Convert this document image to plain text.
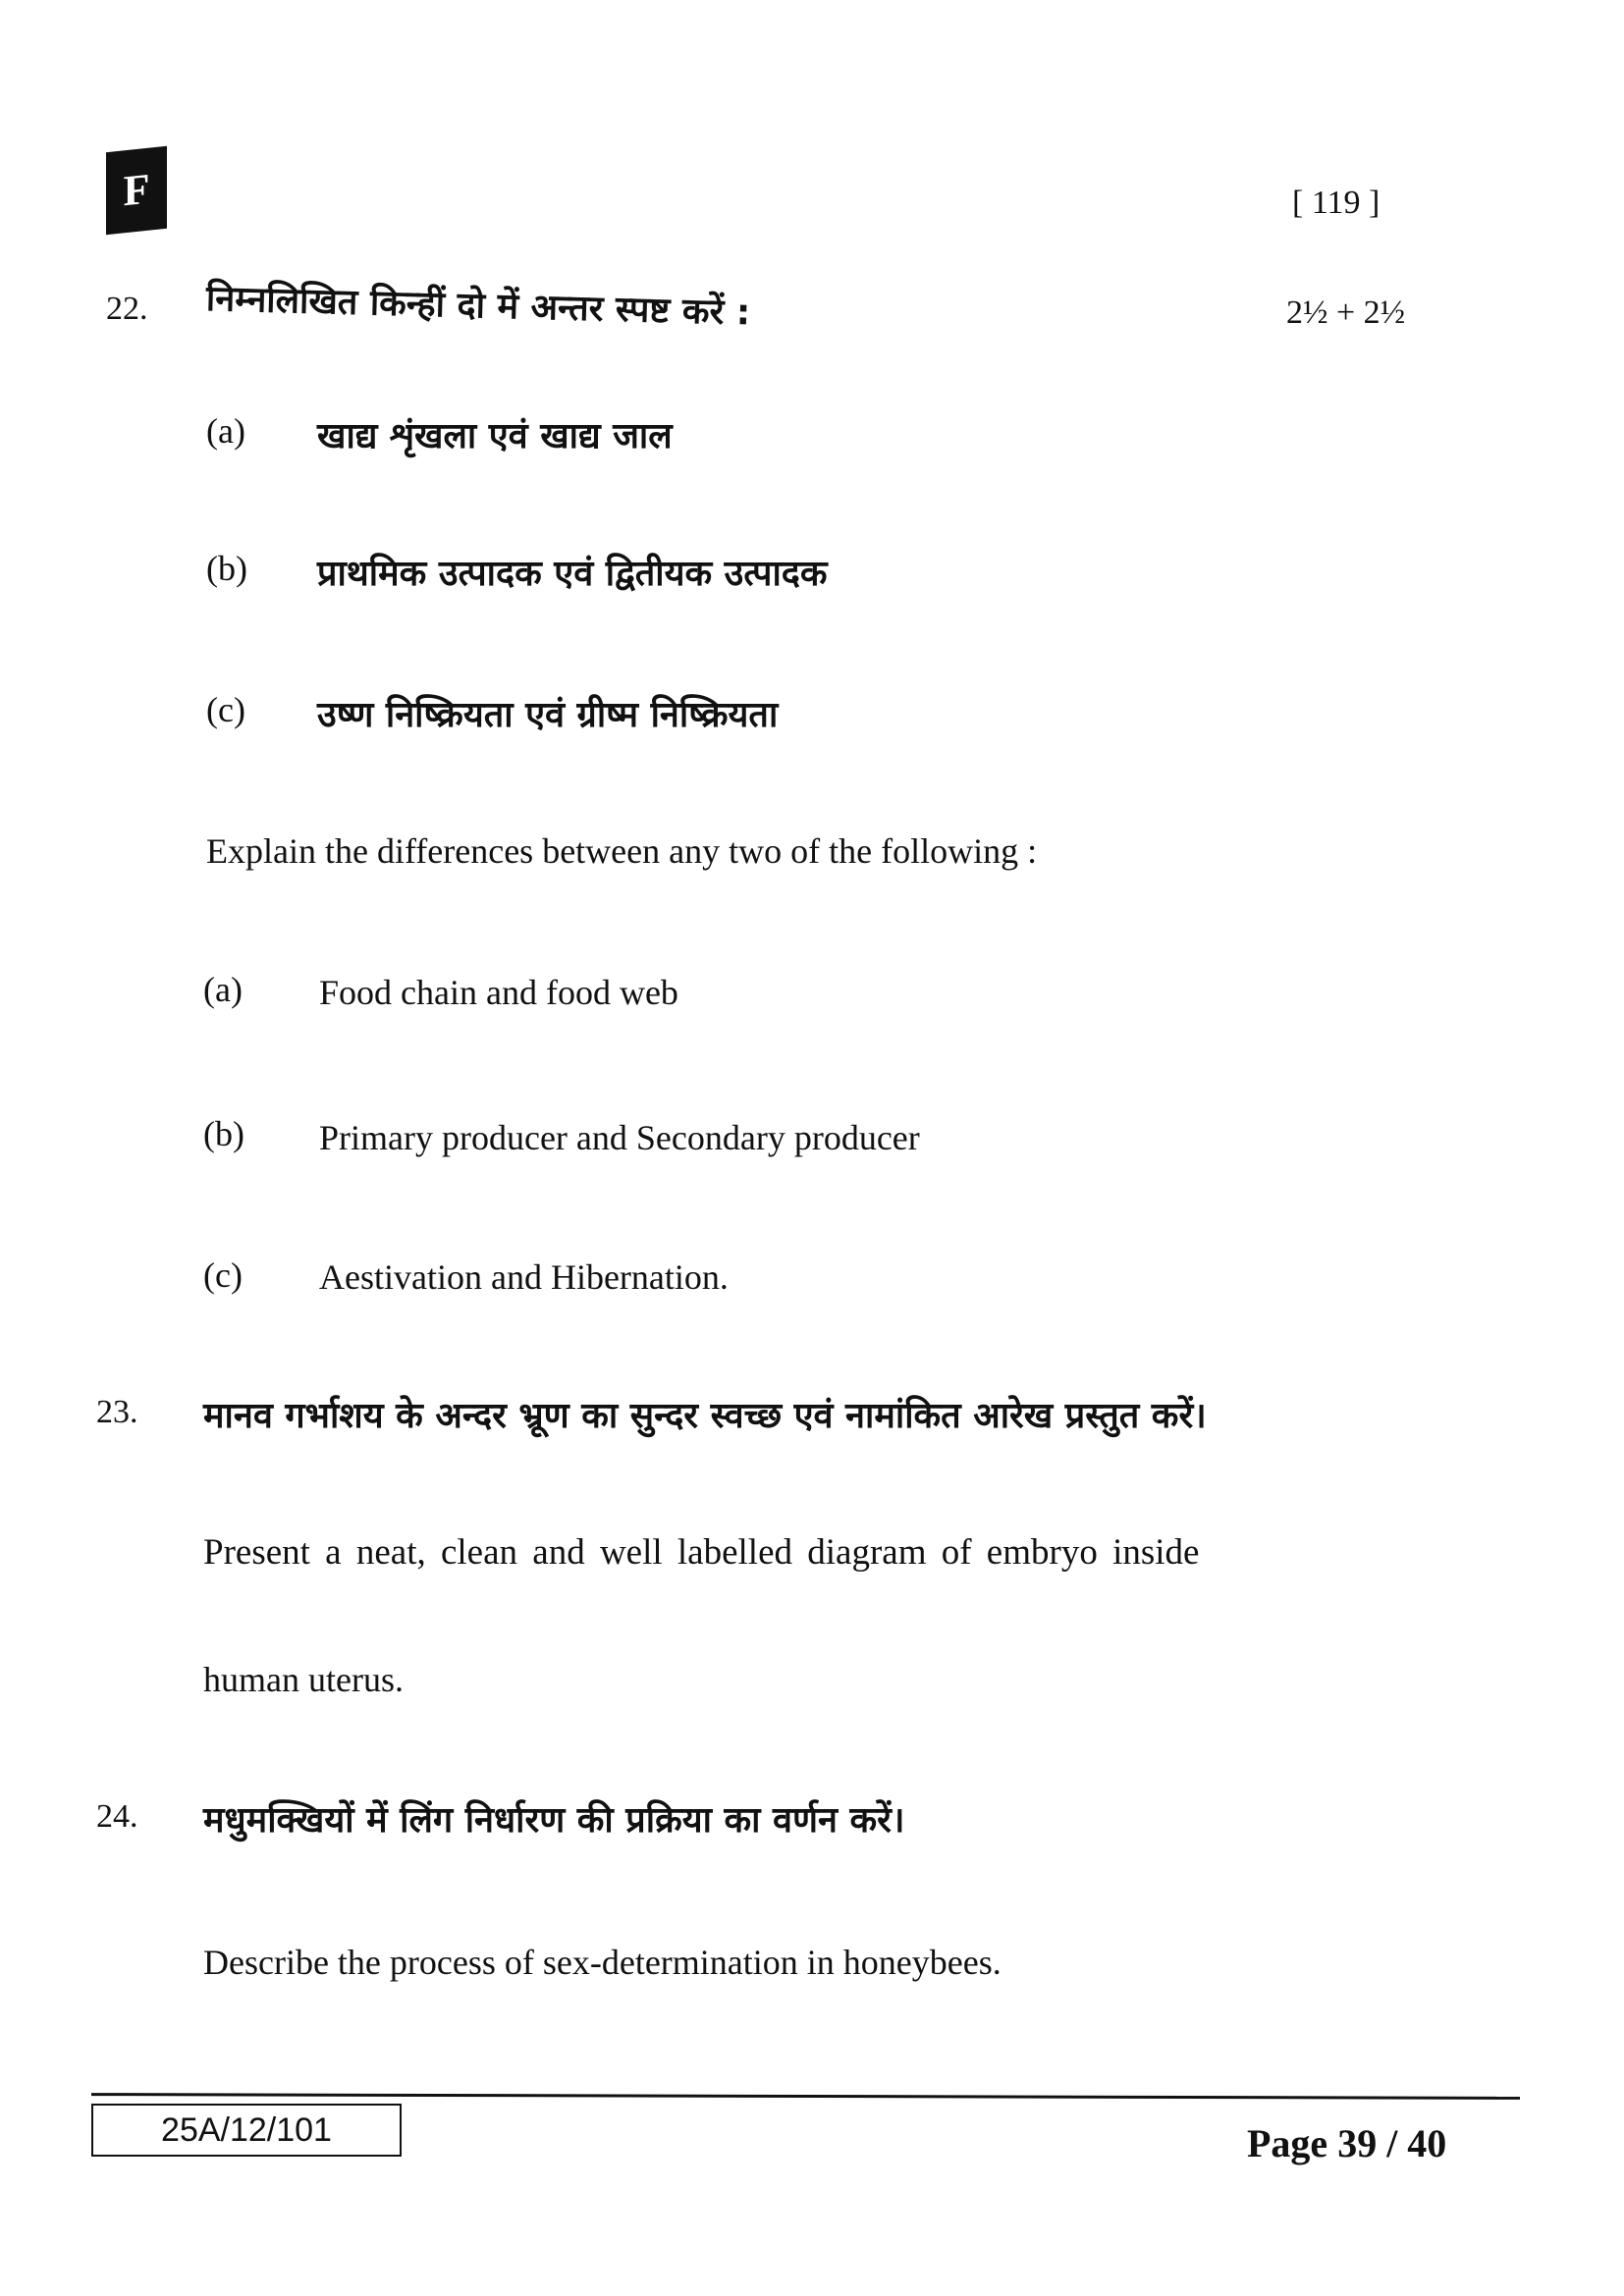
F	[ 119 ]
22. निम्नलिखित किन्हीं दो में अन्तर स्पष्ट करें :	2½ + 2½
(a) खाद्य शृंखला एवं खाद्य जाल
(b) प्राथमिक उत्पादक एवं द्वितीयक उत्पादक
(c) उष्ण निष्क्रियता एवं ग्रीष्म निष्क्रियता
Explain the differences between any two of the following :
(a) Food chain and food web
(b) Primary producer and Secondary producer
(c) Aestivation and Hibernation.
23. मानव गर्भाशय के अन्दर भ्रूण का सुन्दर स्वच्छ एवं नामांकित आरेख प्रस्तुत करें।
Present a neat, clean and well labelled diagram of embryo inside
human uterus.
24. मधुमक्खियों में लिंग निर्धारण की प्रक्रिया का वर्णन करें।
Describe the process of sex-determination in honeybees.
25A/12/101	Page 39 / 40
